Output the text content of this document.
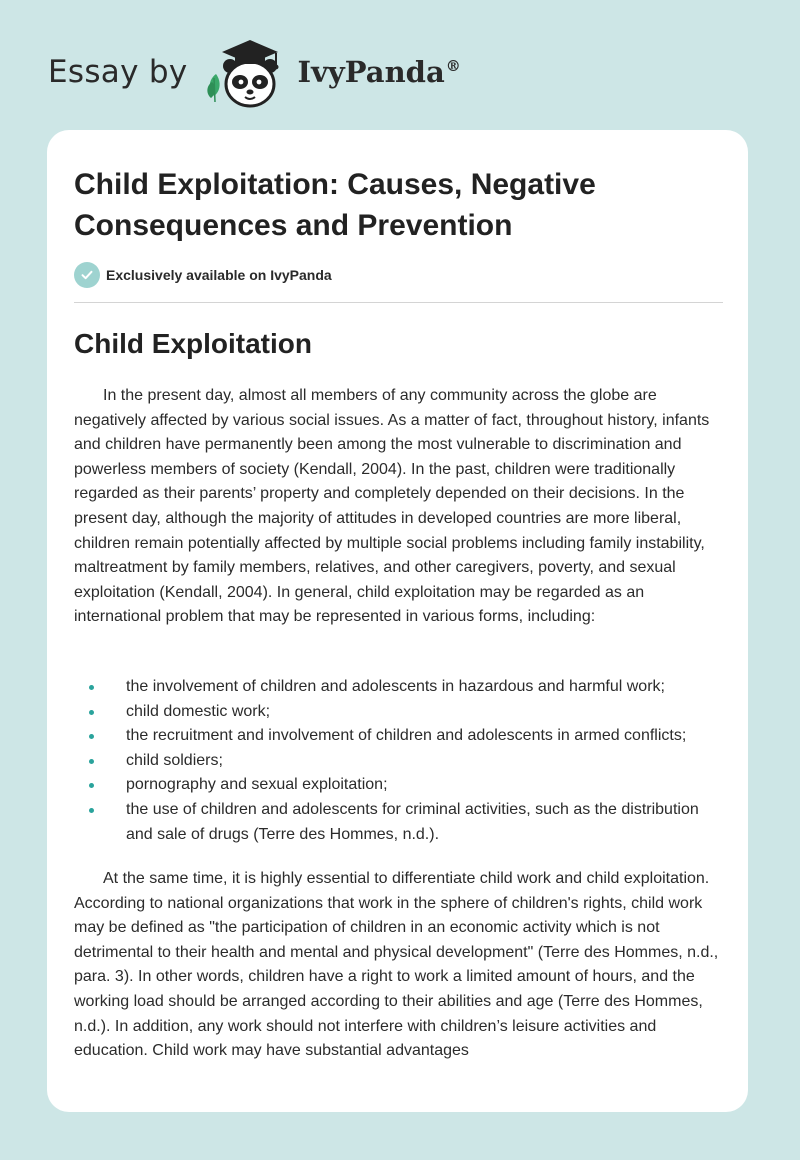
Essay by	IvyPanda®
Child Exploitation: Causes, Negative Consequences and Prevention
Exclusively available on IvyPanda
Child Exploitation

In the present day, almost all members of any community across the globe are negatively affected by various social issues. As a matter of fact, throughout history, infants and children have permanently been among the most vulnerable to discrimination and powerless members of society (Kendall, 2004). In the past, children were traditionally regarded as their parents’ property and completely depended on their decisions. In the present day, although the majority of attitudes in developed countries are more liberal, children remain potentially affected by multiple social problems including family instability, maltreatment by family members, relatives, and other caregivers, poverty, and sexual exploitation (Kendall, 2004). In general, child exploitation may be regarded as an international problem that may be represented in various forms, including:

the involvement of children and adolescents in hazardous and harmful work;
child domestic work;
the recruitment and involvement of children and adolescents in armed conflicts;
child soldiers;
pornography and sexual exploitation;
the use of children and adolescents for criminal activities, such as the distribution and sale of drugs (Terre des Hommes, n.d.).

At the same time, it is highly essential to differentiate child work and child exploitation. According to national organizations that work in the sphere of children's rights, child work may be defined as "the participation of children in an economic activity which is not detrimental to their health and mental and physical development" (Terre des Hommes, n.d., para. 3). In other words, children have a right to work a limited amount of hours, and the working load should be arranged according to their abilities and age (Terre des Hommes, n.d.). In addition, any work should not interfere with children’s leisure activities and education. Child work may have substantial advantages
